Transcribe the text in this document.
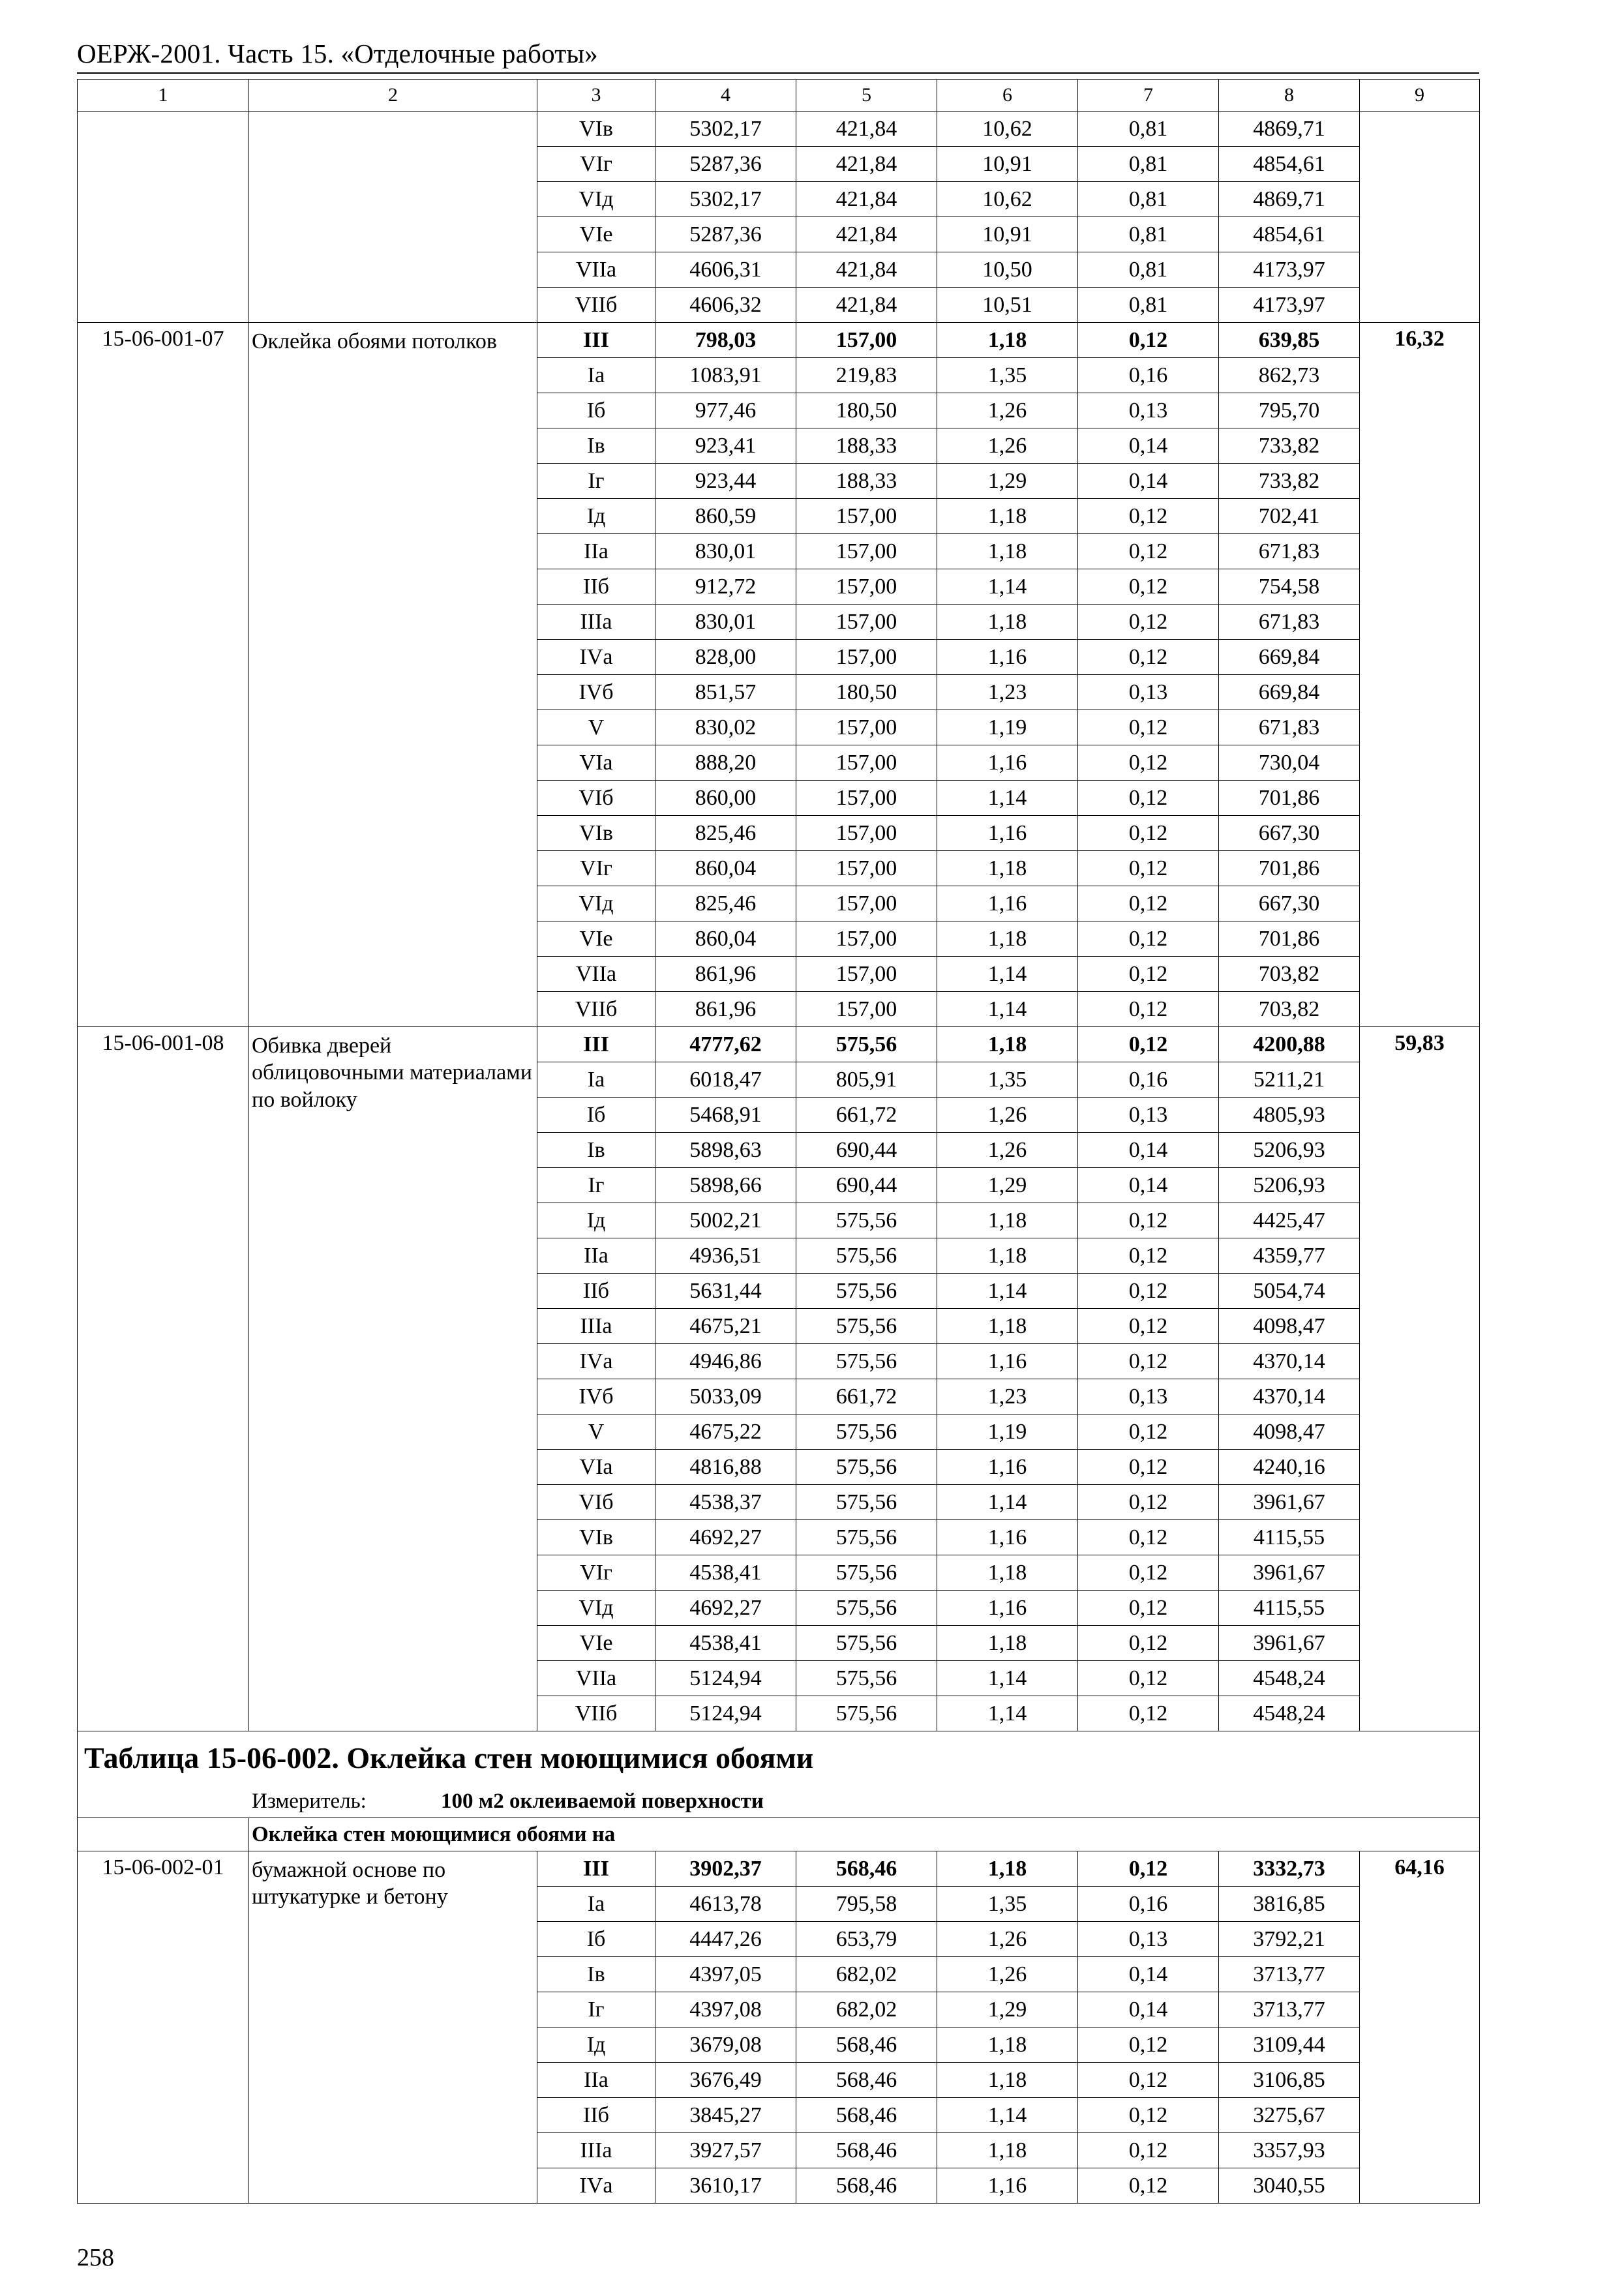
ОЕРЖ-2001. Часть 15. «Отделочные работы»
1	2	3	4	5	6	7	8	9
		VIв	5302,17	421,84	10,62	0,81	4869,71	
		VIг	5287,36	421,84	10,91	0,81	4854,61	
		VIд	5302,17	421,84	10,62	0,81	4869,71	
		VIе	5287,36	421,84	10,91	0,81	4854,61	
		VIIа	4606,31	421,84	10,50	0,81	4173,97	
		VIIб	4606,32	421,84	10,51	0,81	4173,97	
15-06-001-07	Оклейка обоями потолков	III	798,03	157,00	1,18	0,12	639,85	16,32
		Iа	1083,91	219,83	1,35	0,16	862,73	
		Iб	977,46	180,50	1,26	0,13	795,70	
		Iв	923,41	188,33	1,26	0,14	733,82	
		Iг	923,44	188,33	1,29	0,14	733,82	
		Iд	860,59	157,00	1,18	0,12	702,41	
		IIа	830,01	157,00	1,18	0,12	671,83	
		IIб	912,72	157,00	1,14	0,12	754,58	
		IIIа	830,01	157,00	1,18	0,12	671,83	
		IVа	828,00	157,00	1,16	0,12	669,84	
		IVб	851,57	180,50	1,23	0,13	669,84	
		V	830,02	157,00	1,19	0,12	671,83	
		VIа	888,20	157,00	1,16	0,12	730,04	
		VIб	860,00	157,00	1,14	0,12	701,86	
		VIв	825,46	157,00	1,16	0,12	667,30	
		VIг	860,04	157,00	1,18	0,12	701,86	
		VIд	825,46	157,00	1,16	0,12	667,30	
		VIе	860,04	157,00	1,18	0,12	701,86	
		VIIа	861,96	157,00	1,14	0,12	703,82	
		VIIб	861,96	157,00	1,14	0,12	703,82	
15-06-001-08	Обивка дверей облицовочными материалами по войлоку	III	4777,62	575,56	1,18	0,12	4200,88	59,83
		Iа	6018,47	805,91	1,35	0,16	5211,21	
		Iб	5468,91	661,72	1,26	0,13	4805,93	
		Iв	5898,63	690,44	1,26	0,14	5206,93	
		Iг	5898,66	690,44	1,29	0,14	5206,93	
		Iд	5002,21	575,56	1,18	0,12	4425,47	
		IIа	4936,51	575,56	1,18	0,12	4359,77	
		IIб	5631,44	575,56	1,14	0,12	5054,74	
		IIIа	4675,21	575,56	1,18	0,12	4098,47	
		IVа	4946,86	575,56	1,16	0,12	4370,14	
		IVб	5033,09	661,72	1,23	0,13	4370,14	
		V	4675,22	575,56	1,19	0,12	4098,47	
		VIа	4816,88	575,56	1,16	0,12	4240,16	
		VIб	4538,37	575,56	1,14	0,12	3961,67	
		VIв	4692,27	575,56	1,16	0,12	4115,55	
		VIг	4538,41	575,56	1,18	0,12	3961,67	
		VIд	4692,27	575,56	1,16	0,12	4115,55	
		VIе	4538,41	575,56	1,18	0,12	3961,67	
		VIIа	5124,94	575,56	1,14	0,12	4548,24	
		VIIб	5124,94	575,56	1,14	0,12	4548,24	
Таблица 15-06-002. Оклейка стен моющимися обоями								
Измеритель: 100 м2 оклеиваемой поверхности								
	Оклейка стен моющимися обоями на							
15-06-002-01	бумажной основе по штукатурке и бетону	III	3902,37	568,46	1,18	0,12	3332,73	64,16
		Iа	4613,78	795,58	1,35	0,16	3816,85	
		Iб	4447,26	653,79	1,26	0,13	3792,21	
		Iв	4397,05	682,02	1,26	0,14	3713,77	
		Iг	4397,08	682,02	1,29	0,14	3713,77	
		Iд	3679,08	568,46	1,18	0,12	3109,44	
		IIа	3676,49	568,46	1,18	0,12	3106,85	
		IIб	3845,27	568,46	1,14	0,12	3275,67	
		IIIа	3927,57	568,46	1,18	0,12	3357,93	
		IVа	3610,17	568,46	1,16	0,12	3040,55	
258
